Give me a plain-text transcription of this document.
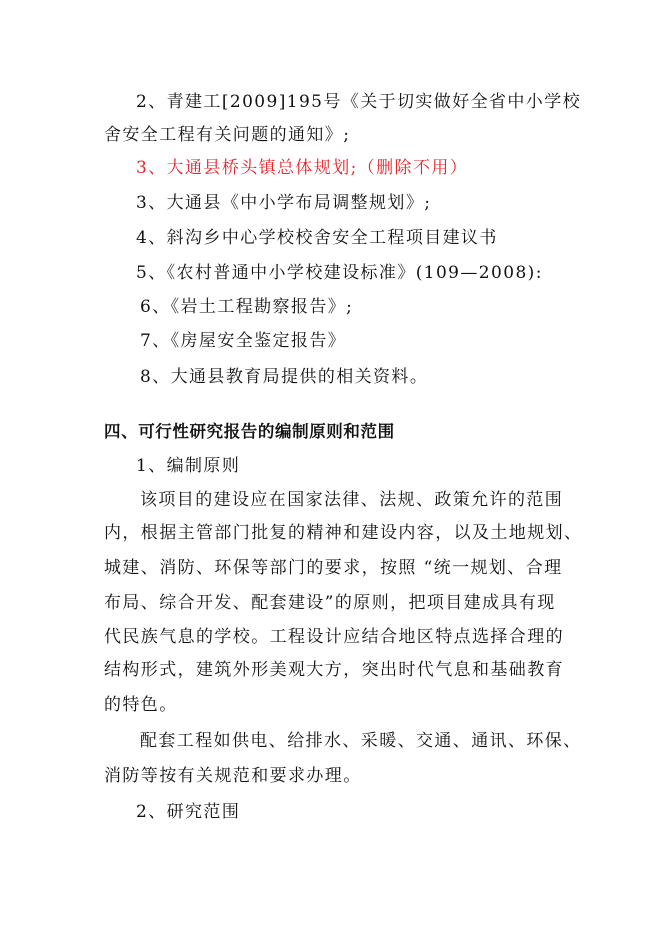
2、青建工[2009]195号《关于切实做好全省中小学校
舍安全工程有关问题的通知》;
3、大通县桥头镇总体规划;（删除不用）
3、大通县《中小学布局调整规划》;
4、斜沟乡中心学校校舍安全工程项目建议书
5、《农村普通中小学校建设标准》(109—2008):
6、《岩土工程勘察报告》;
7、《房屋安全鉴定报告》
8、大通县教育局提供的相关资料。
四、可行性研究报告的编制原则和范围
1、编制原则
该项目的建设应在国家法律、法规、政策允许的范围
内，根据主管部门批复的精神和建设内容，以及土地规划、
城建、消防、环保等部门的要求，按照 “统一规划、合理
布局、综合开发、配套建设”的原则，把项目建成具有现
代民族气息的学校。工程设计应结合地区特点选择合理的
结构形式，建筑外形美观大方，突出时代气息和基础教育
的特色。
配套工程如供电、给排水、采暖、交通、通讯、环保、
消防等按有关规范和要求办理。
2、研究范围
